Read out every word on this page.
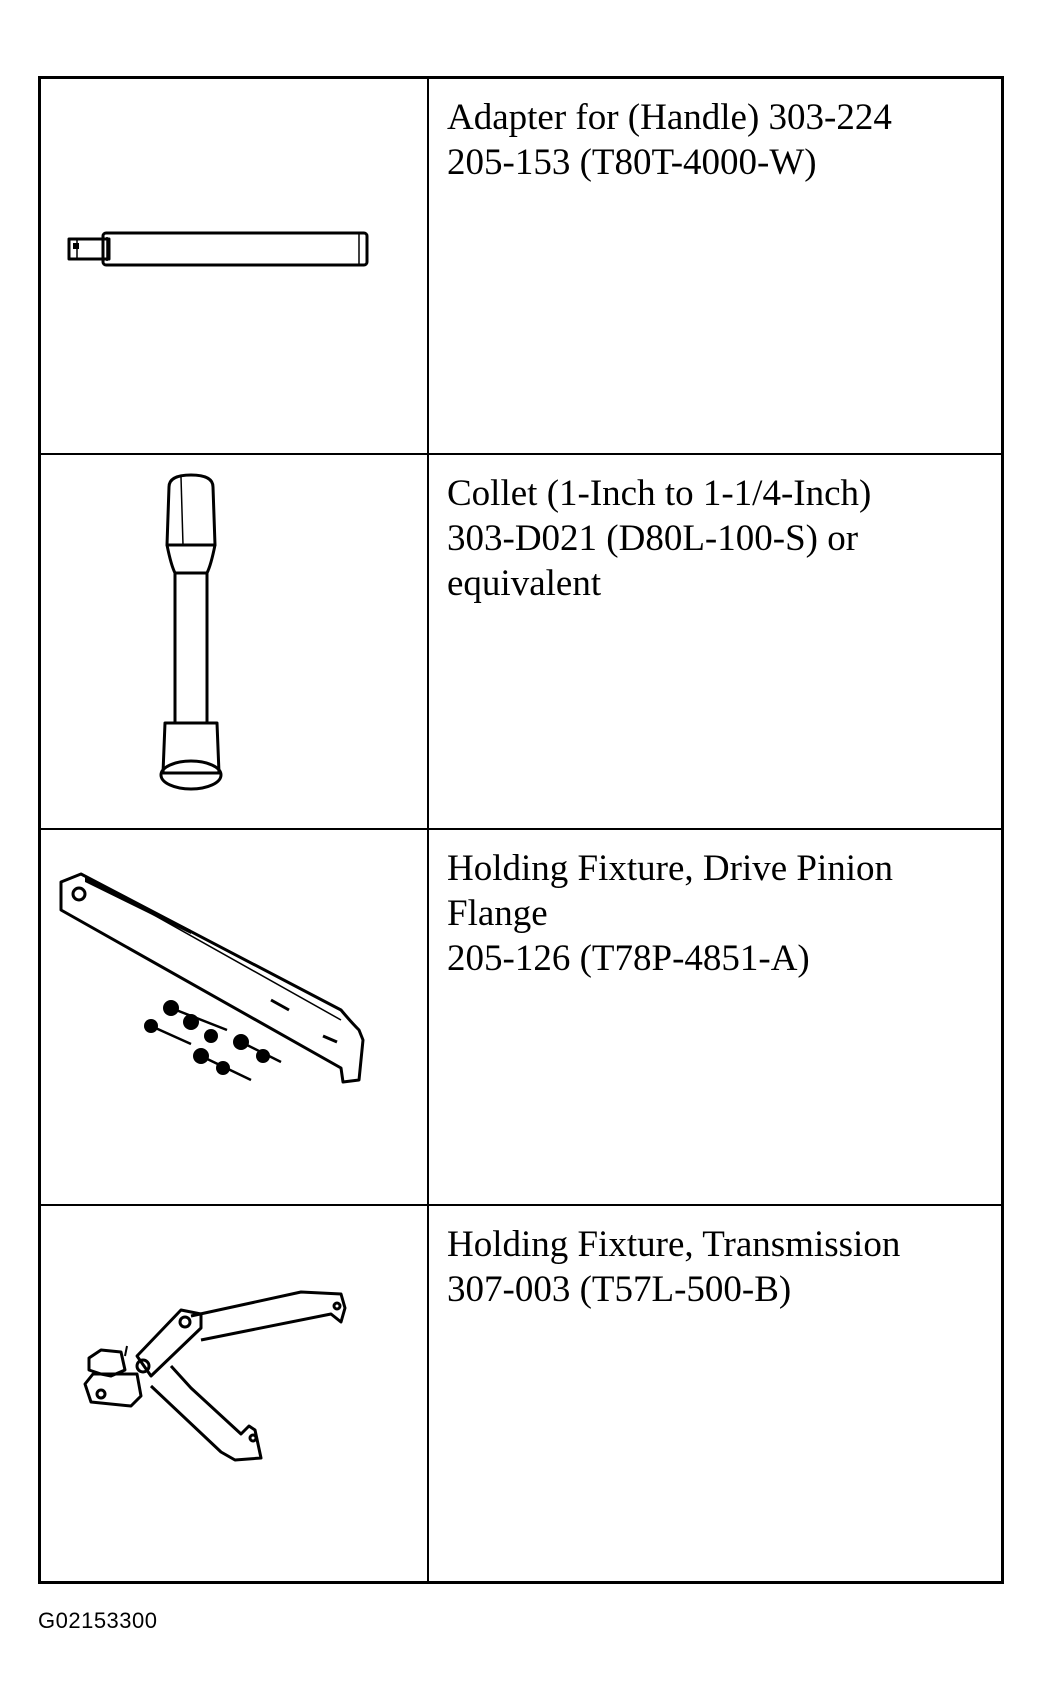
Adapter for (Handle) 303-224
205-153 (T80T-4000-W)
Collet (1-Inch to 1-1/4-Inch)
303-D021 (D80L-100-S) or
equivalent
Holding Fixture, Drive Pinion
Flange
205-126 (T78P-4851-A)
Holding Fixture, Transmission
307-003 (T57L-500-B)
G02153300
